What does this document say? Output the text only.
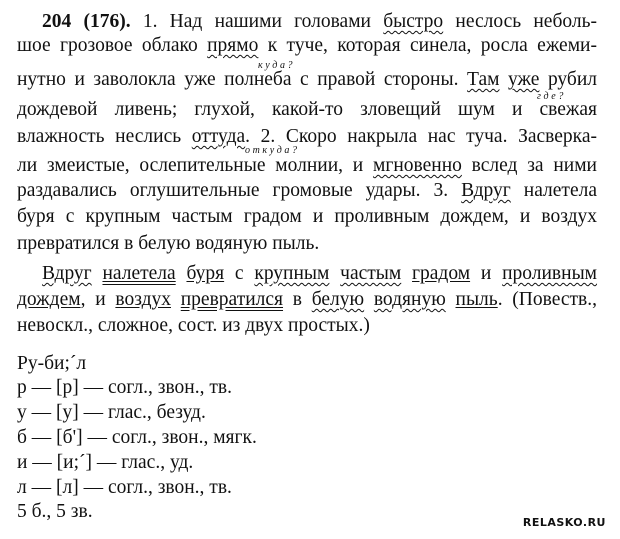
204 (176). 1. Над нашими головами быстро неслось неболь-
шое грозовое облако прямо к туче, которая синела, росла ежеми-
куда?
нутно и заволокла уже полнеба с правой стороны. Там уже рубил
где?
дождевой ливень; глухой, какой-то зловещий шум и свежая
влажность неслись оттуда. 2. Скоро накрыла нас туча. Засверка-
откуда?
ли змеистые, ослепительные молнии, и мгновенно вслед за ними
раздавались оглушительные громовые удары. 3. Вдруг налетела
буря с крупным частым градом и проливным дождем, и воздух
превратился в белую водяную пыль.
Вдруг налетела буря с крупным частым градом и проливным
дождем, и воздух превратился в белую водяную пыль. (Повеств.,
невоскл., сложное, сост. из двух простых.)
Ру-би;´л
р — [р] — согл., звон., тв.
у — [у] — глас., безуд.
б — [б'] — согл., звон., мягк.
и — [и;´] — глас., уд.
л — [л] — согл., звон., тв.
5 б., 5 зв.
RELASKO.RU
